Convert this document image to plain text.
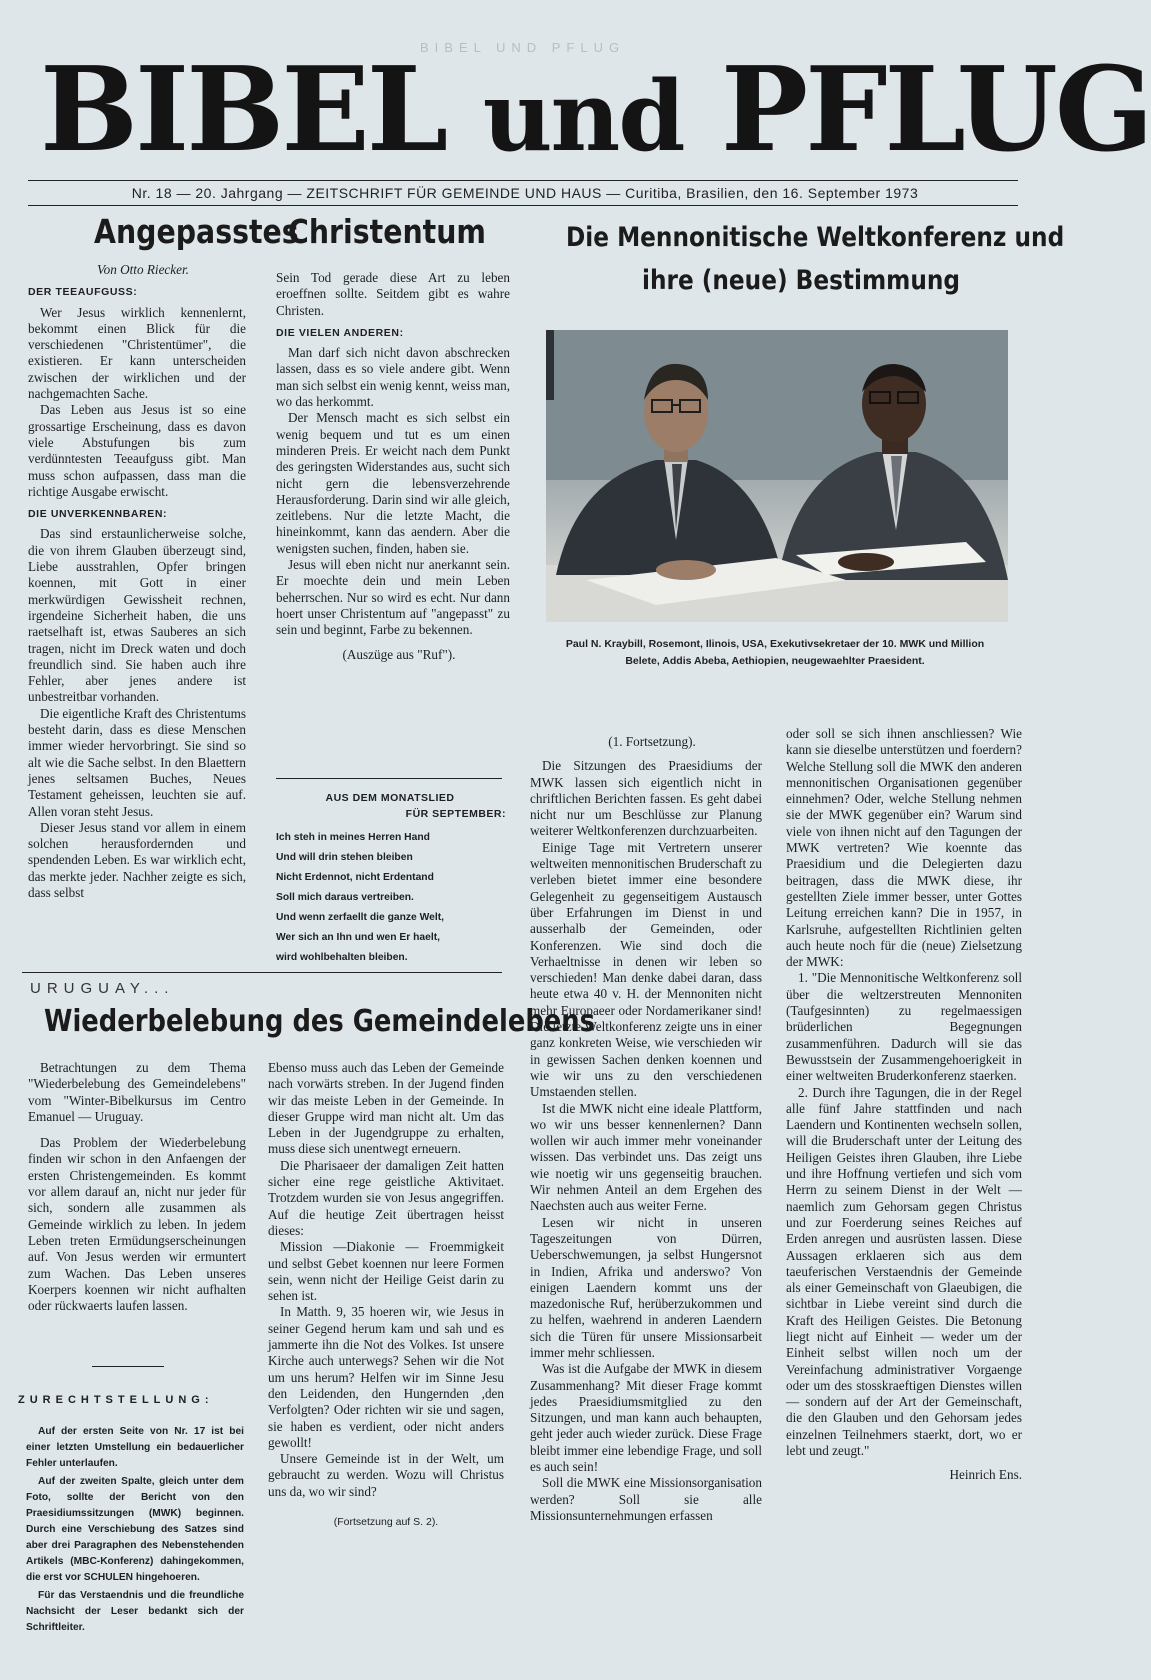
BIBEL UND PFLUG
BIBEL und PFLUG
Nr. 18 — 20. Jahrgang — ZEITSCHRIFT FÜR GEMEINDE UND HAUS — Curitiba, Brasilien, den 16. September 1973
Angepasstes
Christentum

Von Otto Riecker.

DER TEEAUFGUSS:

Wer Jesus wirklich kennenlernt, bekommt einen Blick für die verschiedenen "Christentümer", die existieren. Er kann unterscheiden zwischen der wirklichen und der nachgemachten Sache.

Das Leben aus Jesus ist so eine grossartige Erscheinung, dass es davon viele Abstufungen bis zum verdünntesten Teeaufguss gibt. Man muss schon aufpassen, dass man die richtige Ausgabe erwischt.

DIE UNVERKENNBAREN:

Das sind erstaunlicherweise solche, die von ihrem Glauben überzeugt sind, Liebe ausstrahlen, Opfer bringen koennen, mit Gott in einer merkwürdigen Gewissheit rechnen, irgendeine Sicherheit haben, die uns raetselhaft ist, etwas Sauberes an sich tragen, nicht im Dreck waten und doch freundlich sind. Sie haben auch ihre Fehler, aber jenes andere ist unbestreitbar vorhanden.

Die eigentliche Kraft des Christentums besteht darin, dass es diese Menschen immer wieder hervorbringt. Sie sind so alt wie die Sache selbst. In den Blaettern jenes seltsamen Buches, Neues Testament geheissen, leuchten sie auf. Allen voran steht Jesus.

Dieser Jesus stand vor allem in einem solchen herausfordernden und spendenden Leben. Es war wirklich echt, das merkte jeder. Nachher zeigte es sich, dass selbst

Sein Tod gerade diese Art zu leben eroeffnen sollte. Seitdem gibt es wahre Christen.

DIE VIELEN ANDEREN:

Man darf sich nicht davon abschrecken lassen, dass es so viele andere gibt. Wenn man sich selbst ein wenig kennt, weiss man, wo das herkommt.

Der Mensch macht es sich selbst ein wenig bequem und tut es um einen minderen Preis. Er weicht nach dem Punkt des geringsten Widerstandes aus, sucht sich nicht gern die lebensverzehrende Herausforderung. Darin sind wir alle gleich, zeitlebens. Nur die letzte Macht, die hineinkommt, kann das aendern. Aber die wenigsten suchen, finden, haben sie.

Jesus will eben nicht nur anerkannt sein. Er moechte dein und mein Leben beherrschen. Nur so wird es echt. Nur dann hoert unser Christentum auf "angepasst" zu sein und beginnt, Farbe zu bekennen.

(Auszüge aus "Ruf").

AUS DEM MONATSLIED
FÜR SEPTEMBER:
Ich steh in meines Herren Hand
Und will drin stehen bleiben
Nicht Erdennot, nicht Erdentand
Soll mich daraus vertreiben.
Und wenn zerfaellt die ganze Welt,
Wer sich an Ihn und wen Er haelt,
wird wohlbehalten bleiben.
Die Mennonitische Weltkonferenz und
ihre (neue) Bestimmung
Paul N. Kraybill, Rosemont, Ilinois, USA, Exekutivsekretaer der 10. MWK und Million Belete, Addis Abeba, Aethiopien, neugewaehlter Praesident.

(1. Fortsetzung).

Die Sitzungen des Praesidiums der MWK lassen sich eigentlich nicht in chriftlichen Berichten fassen. Es geht dabei nicht nur um Beschlüsse zur Planung weiterer Weltkonferenzen durchzuarbeiten.

Einige Tage mit Vertretern unserer weltweiten mennonitischen Bruderschaft zu verleben bietet immer eine besondere Gelegenheit zu gegenseitigem Austausch über Erfahrungen im Dienst in und ausserhalb der Gemeinden, oder Konferenzen. Wie sind doch die Verhaeltnisse in denen wir leben so verschieden! Man denke dabei daran, dass heute etwa 40 v. H. der Mennoniten nicht mehr Europaeer oder Nordamerikaner sind! Die letzte Weltkonferenz zeigte uns in einer ganz konkreten Weise, wie verschieden wir in gewissen Sachen denken koennen und wie wir uns zu den verschiedenen Umstaenden stellen.

Ist die MWK nicht eine ideale Plattform, wo wir uns besser kennenlernen? Dann wollen wir auch immer mehr voneinander wissen. Das verbindet uns. Das zeigt uns wie noetig wir uns gegenseitig brauchen. Wir nehmen Anteil an dem Ergehen des Naechsten auch aus weiter Ferne.

Lesen wir nicht in unseren Tageszeitungen von Dürren, Ueberschwemungen, ja selbst Hungersnot in Indien, Afrika und anderswo? Von einigen Laendern kommt uns der mazedonische Ruf, herüberzukommen und zu helfen, waehrend in anderen Laendern sich die Türen für unsere Missionsarbeit immer mehr schliessen.

Was ist die Aufgabe der MWK in diesem Zusammenhang? Mit dieser Frage kommt jedes Praesidiumsmitglied zu den Sitzungen, und man kann auch behaupten, geht jeder auch wieder zurück. Diese Frage bleibt immer eine lebendige Frage, und soll es auch sein!

Soll die MWK eine Missionsorganisation werden? Soll sie alle Missionsunternehmungen erfassen

oder soll se sich ihnen anschliessen? Wie kann sie dieselbe unterstützen und foerdern? Welche Stellung soll die MWK den anderen mennonitischen Organisationen gegenüber einnehmen? Oder, welche Stellung nehmen sie der MWK gegenüber ein? Warum sind viele von ihnen nicht auf den Tagungen der MWK vertreten? Wie koennte das Praesidium und die Delegierten dazu beitragen, dass die MWK diese, ihr gestellten Ziele immer besser, unter Gottes Leitung erreichen kann? Die in 1957, in Karlsruhe, aufgestellten Richtlinien gelten auch heute noch für die (neue) Zielsetzung der MWK:

1. "Die Mennonitische Weltkonferenz soll über die weltzerstreuten Mennoniten (Taufgesinnten) zu regelmaessigen brüderlichen Begegnungen zusammenführen. Dadurch will sie das Bewusstsein der Zusammengehoerigkeit in einer weltweiten Bruderkonferenz staerken.

2. Durch ihre Tagungen, die in der Regel alle fünf Jahre stattfinden und nach Laendern und Kontinenten wechseln sollen, will die Bruderschaft unter der Leitung des Heiligen Geistes ihren Glauben, ihre Liebe und ihre Hoffnung vertiefen und sich vom Herrn zu seinem Dienst in der Welt — naemlich zum Gehorsam gegen Christus und zur Foerderung seines Reiches auf Erden anregen und ausrüsten lassen. Diese Aussagen erklaeren sich aus dem taeuferischen Verstaendnis der Gemeinde als einer Gemeinschaft von Glaeubigen, die sichtbar in Liebe vereint sind durch die Kraft des Heiligen Geistes. Die Betonung liegt nicht auf Einheit — weder um der Einheit selbst willen noch um der Vereinfachung administrativer Vorgaenge oder um des stosskraeftigen Dienstes willen — sondern auf der Art der Gemeinschaft, die den Glauben und den Gehorsam jedes einzelnen Teilnehmers staerkt, dort, wo er lebt und zeugt."

Heinrich Ens.

URUGUAY...
Wiederbelebung des Gemeindelebens

Betrachtungen zu dem Thema "Wiederbelebung des Gemeindelebens" vom "Winter-Bibelkursus im Centro Emanuel — Uruguay.

Das Problem der Wiederbelebung finden wir schon in den Anfaengen der ersten Christengemeinden. Es kommt vor allem darauf an, nicht nur jeder für sich, sondern alle zusammen als Gemeinde wirklich zu leben. In jedem Leben treten Ermüdungserscheinungen auf. Von Jesus werden wir ermuntert zum Wachen. Das Leben unseres Koerpers koennen wir nicht aufhalten oder rückwaerts laufen lassen.

Ebenso muss auch das Leben der Gemeinde nach vorwärts streben. In der Jugend finden wir das meiste Leben in der Gemeinde. In dieser Gruppe wird man nicht alt. Um das Leben in der Jugendgruppe zu erhalten, muss diese sich unentwegt erneuern.

Die Pharisaeer der damaligen Zeit hatten sicher eine rege geistliche Aktivitaet. Trotzdem wurden sie von Jesus angegriffen. Auf die heutige Zeit übertragen heisst dieses:

Mission —Diakonie — Froemmigkeit und selbst Gebet koennen nur leere Formen sein, wenn nicht der Heilige Geist darin zu sehen ist.

In Matth. 9, 35 hoeren wir, wie Jesus in seiner Gegend herum kam und sah und es jammerte ihn die Not des Volkes. Ist unsere Kirche auch unterwegs? Sehen wir die Not um uns herum? Helfen wir im Sinne Jesu den Leidenden, den Hungernden ,den Verfolgten? Oder richten wir sie und sagen, sie haben es verdient, oder nicht anders gewollt!

Unsere Gemeinde ist in der Welt, um gebraucht zu werden. Wozu will Christus uns da, wo wir sind?

(Fortsetzung auf S. 2).
ZURECHTSTELLUNG:

Auf der ersten Seite von Nr. 17 ist bei einer letzten Umstellung ein bedauerlicher Fehler unterlaufen.

Auf der zweiten Spalte, gleich unter dem Foto, sollte der Bericht von den Praesidiumssitzungen (MWK) beginnen. Durch eine Verschiebung des Satzes sind aber drei Paragraphen des Nebenstehenden Artikels (MBC-Konferenz) dahingekommen, die erst vor SCHULEN hingehoeren.

Für das Verstaendnis und die freundliche Nachsicht der Leser bedankt sich der Schriftleiter.
